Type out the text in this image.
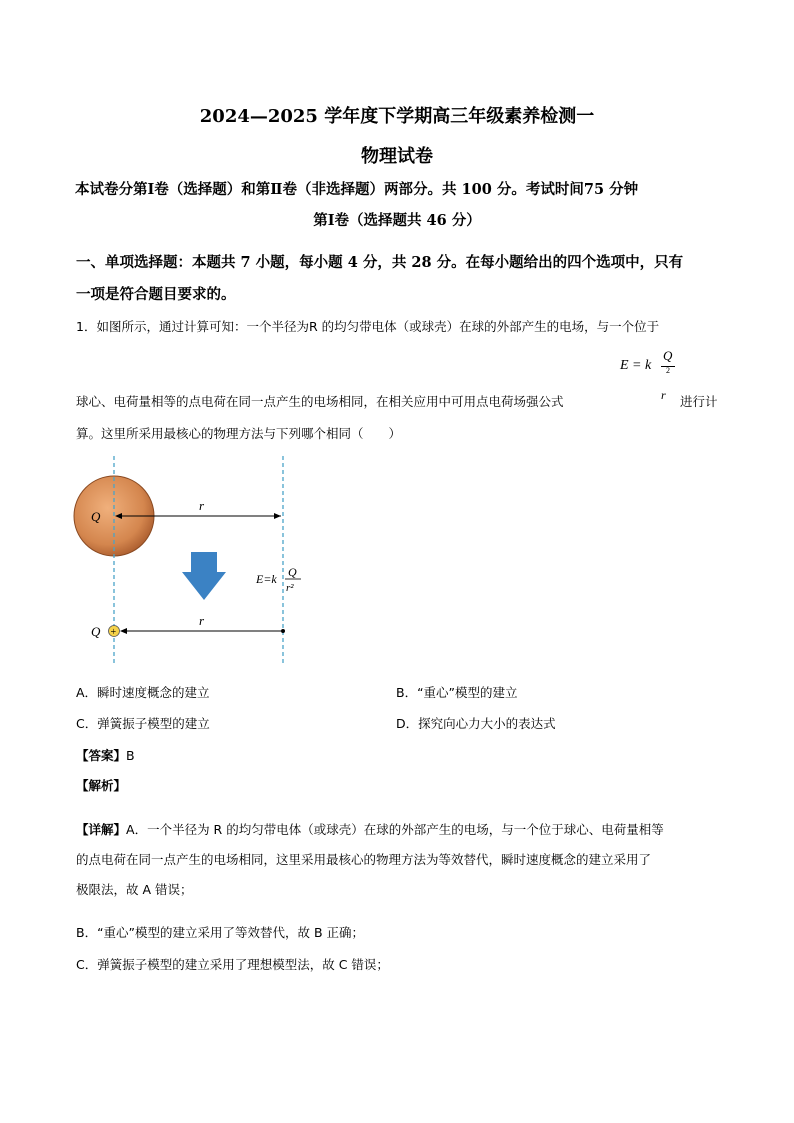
2024—2025 学年度下学期高三年级素养检测一
物理试卷
本试卷分第Ⅰ卷（选择题）和第Ⅱ卷（非选择题）两部分。共 100 分。考试时间75 分钟
第Ⅰ卷（选择题共 46 分）
一、单项选择题：本题共 7 小题，每小题 4 分，共 28 分。在每小题给出的四个选项中，只有
一项是符合题目要求的。
1．如图所示，通过计算可知：一个半径为R 的均匀带电体（或球壳）在球的外部产生的电场，与一个位于
E = k
Q
2
球心、电荷量相等的点电荷在同一点产生的电场相同，在相关应用中可用点电荷场强公式	r 进行计
算。这里所采用最核心的物理方法与下列哪个相同（　　）
Q
r
E=k Q
r²
Q +
r
A．瞬时速度概念的建立	B．“重心”模型的建立
C．弹簧振子模型的建立	D．探究向心力大小的表达式
【答案】B
【解析】
【详解】A．一个半径为 R 的均匀带电体（或球壳）在球的外部产生的电场，与一个位于球心、电荷量相等
的点电荷在同一点产生的电场相同，这里采用最核心的物理方法为等效替代，瞬时速度概念的建立采用了
极限法，故 A 错误；
B．“重心”模型的建立采用了等效替代，故 B 正确；
C．弹簧振子模型的建立采用了理想模型法，故 C 错误；
